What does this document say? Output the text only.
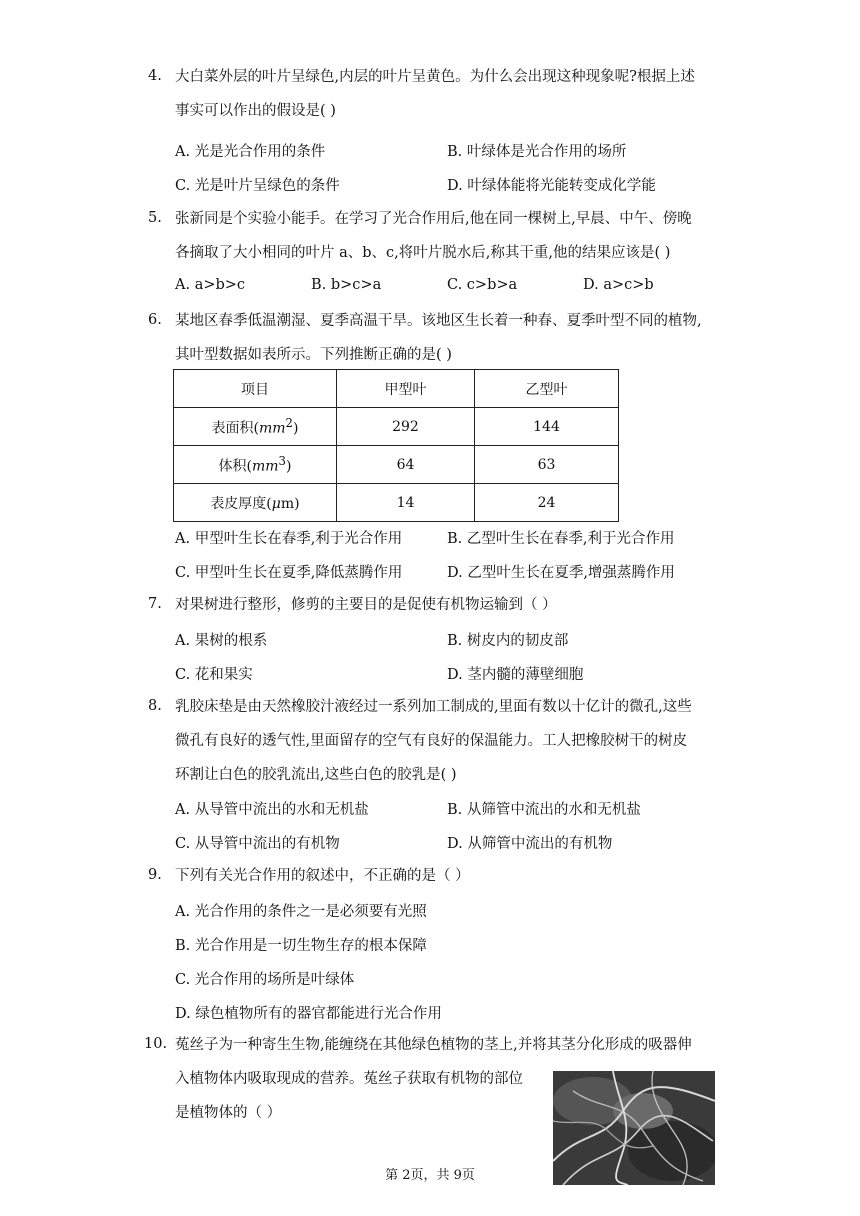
4. 大白菜外层的叶片呈绿色,内层的叶片呈黄色。为什么会出现这种现象呢?根据上述
事实可以作出的假设是( )
A. 光是光合作用的条件	B. 叶绿体是光合作用的场所
C. 光是叶片呈绿色的条件	D. 叶绿体能将光能转变成化学能
5. 张新同是个实验小能手。在学习了光合作用后,他在同一棵树上,早晨、中午、傍晚
各摘取了大小相同的叶片 a、b、c,将叶片脱水后,称其干重,他的结果应该是( )
A. a>b>c	B. b>c>a	C. c>b>a	D. a>c>b
6. 某地区春季低温潮湿、夏季高温干旱。该地区生长着一种春、夏季叶型不同的植物,
其叶型数据如表所示。下列推断正确的是( )
项目	甲型叶	乙型叶
表面积$(mm^2)$	292	144
体积$(mm^3)$	64	63
表皮厚度(μm)	14	24
A. 甲型叶生长在春季,利于光合作用	B. 乙型叶生长在春季,利于光合作用
C. 甲型叶生长在夏季,降低蒸腾作用	D. 乙型叶生长在夏季,增强蒸腾作用
7. 对果树进行整形，修剪的主要目的是促使有机物运输到（ ）
A. 果树的根系	B. 树皮内的韧皮部
C. 花和果实	D. 茎内髓的薄壁细胞
8. 乳胶床垫是由天然橡胶汁液经过一系列加工制成的,里面有数以十亿计的微孔,这些
微孔有良好的透气性,里面留存的空气有良好的保温能力。工人把橡胶树干的树皮
环割让白色的胶乳流出,这些白色的胶乳是( )
A. 从导管中流出的水和无机盐	B. 从筛管中流出的水和无机盐
C. 从导管中流出的有机物	D. 从筛管中流出的有机物
9. 下列有关光合作用的叙述中，不正确的是（ ）
A. 光合作用的条件之一是必须要有光照
B. 光合作用是一切生物生存的根本保障
C. 光合作用的场所是叶绿体
D. 绿色植物所有的器官都能进行光合作用
10. 菟丝子为一种寄生生物,能缠绕在其他绿色植物的茎上,并将其茎分化形成的吸器伸
入植物体内吸取现成的营养。菟丝子获取有机物的部位
是植物体的（ ）
第 2页，共 9页
